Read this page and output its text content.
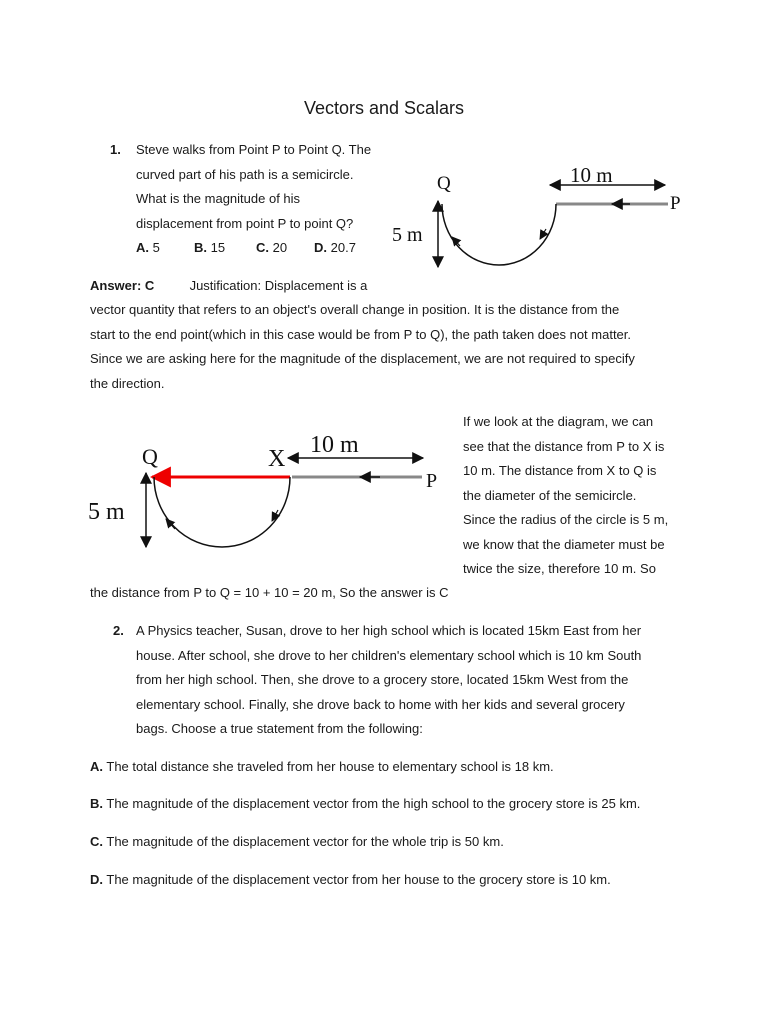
Vectors and Scalars
1. Steve walks from Point P to Point Q. The
curved part of his path is a semicircle.
What is the magnitude of his
displacement from point P to point Q?
A. 5	B. 15 C. 20 D. 20.7
Q
P
10 m
5 m
Answer: C	Justification: Displacement is a
vector quantity that refers to an object's overall change in position. It is the distance from the
start to the end point(which in this case would be from P to Q), the path taken does not matter.
Since we are asking here for the magnitude of the displacement, we are not required to specify
the direction.
If we look at the diagram, we can
see that the distance from P to X is
10 m. The distance from X to Q is
the diameter of the semicircle.
Since the radius of the circle is 5 m,
we know that the diameter must be
twice the size, therefore 10 m. So
the distance from P to Q = 10 + 10 = 20 m, So the answer is C
Q	X
P
10 m
5 m
2. A Physics teacher, Susan, drove to her high school which is located 15km East from her
house. After school, she drove to her children's elementary school which is 10 km South
from her high school. Then, she drove to a grocery store, located 15km West from the
elementary school. Finally, she drove back to home with her kids and several grocery
bags. Choose a true statement from the following:
A. The total distance she traveled from her house to elementary school is 18 km.
B. The magnitude of the displacement vector from the high school to the grocery store is 25 km.
C. The magnitude of the displacement vector for the whole trip is 50 km.
D. The magnitude of the displacement vector from her house to the grocery store is 10 km.
